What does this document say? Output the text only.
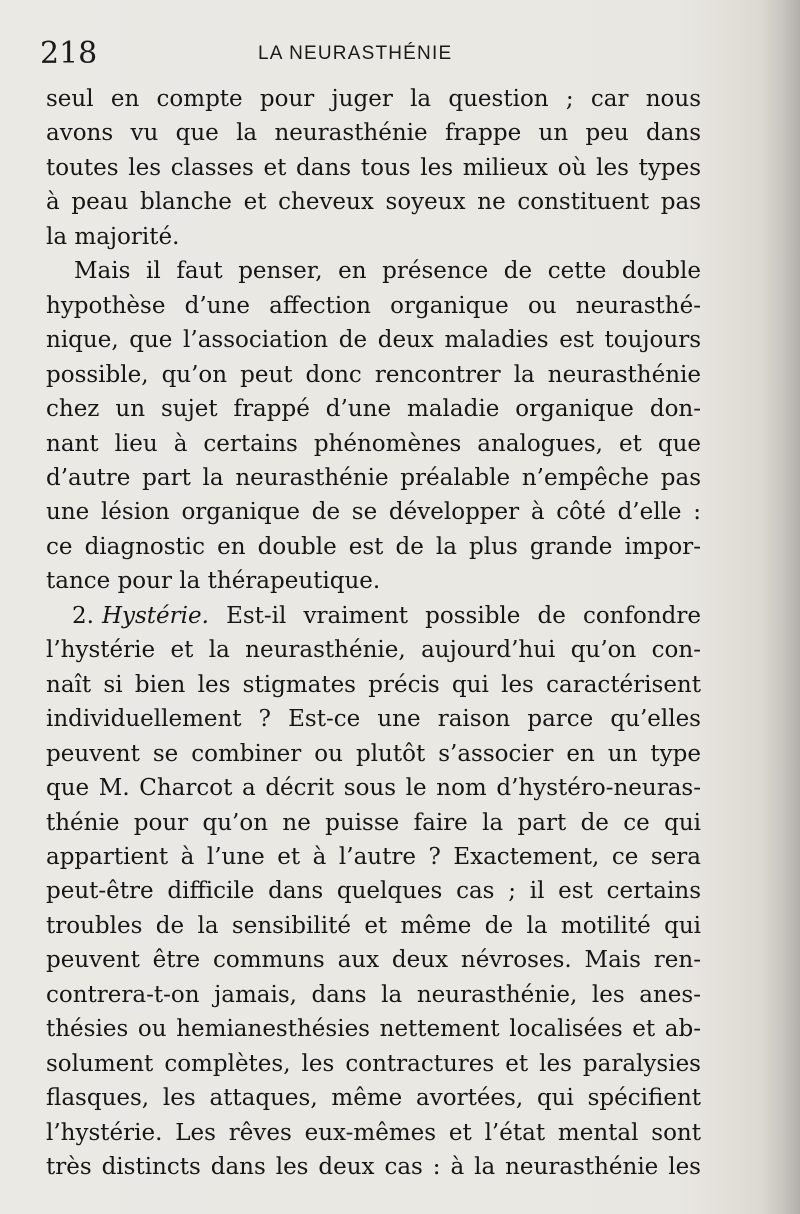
218	LA NEURASTHÉNIE
seul en compte pour juger la question ; car nous
avons vu que la neurasthénie frappe un peu dans
toutes les classes et dans tous les milieux où les types
à peau blanche et cheveux soyeux ne constituent pas
la majorité.
Mais il faut penser, en présence de cette double
hypothèse d’une affection organique ou neurasthé-
nique, que l’association de deux maladies est toujours
possible, qu’on peut donc rencontrer la neurasthénie
chez un sujet frappé d’une maladie organique don-
nant lieu à certains phénomènes analogues, et que
d’autre part la neurasthénie préalable n’empêche pas
une lésion organique de se développer à côté d’elle :
ce diagnostic en double est de la plus grande impor-
tance pour la thérapeutique.
2. Hystérie. Est-il vraiment possible de confondre
l’hystérie et la neurasthénie, aujourd’hui qu’on con-
naît si bien les stigmates précis qui les caractérisent
individuellement ? Est-ce une raison parce qu’elles
peuvent se combiner ou plutôt s’associer en un type
que M. Charcot a décrit sous le nom d’hystéro-neuras-
thénie pour qu’on ne puisse faire la part de ce qui
appartient à l’une et à l’autre ? Exactement, ce sera
peut-être difficile dans quelques cas ; il est certains
troubles de la sensibilité et même de la motilité qui
peuvent être communs aux deux névroses. Mais ren-
contrera-t-on jamais, dans la neurasthénie, les anes-
thésies ou hemianesthésies nettement localisées et ab-
solument complètes, les contractures et les paralysies
flasques, les attaques, même avortées, qui spécifient
l’hystérie. Les rêves eux-mêmes et l’état mental sont
très distincts dans les deux cas : à la neurasthénie les
